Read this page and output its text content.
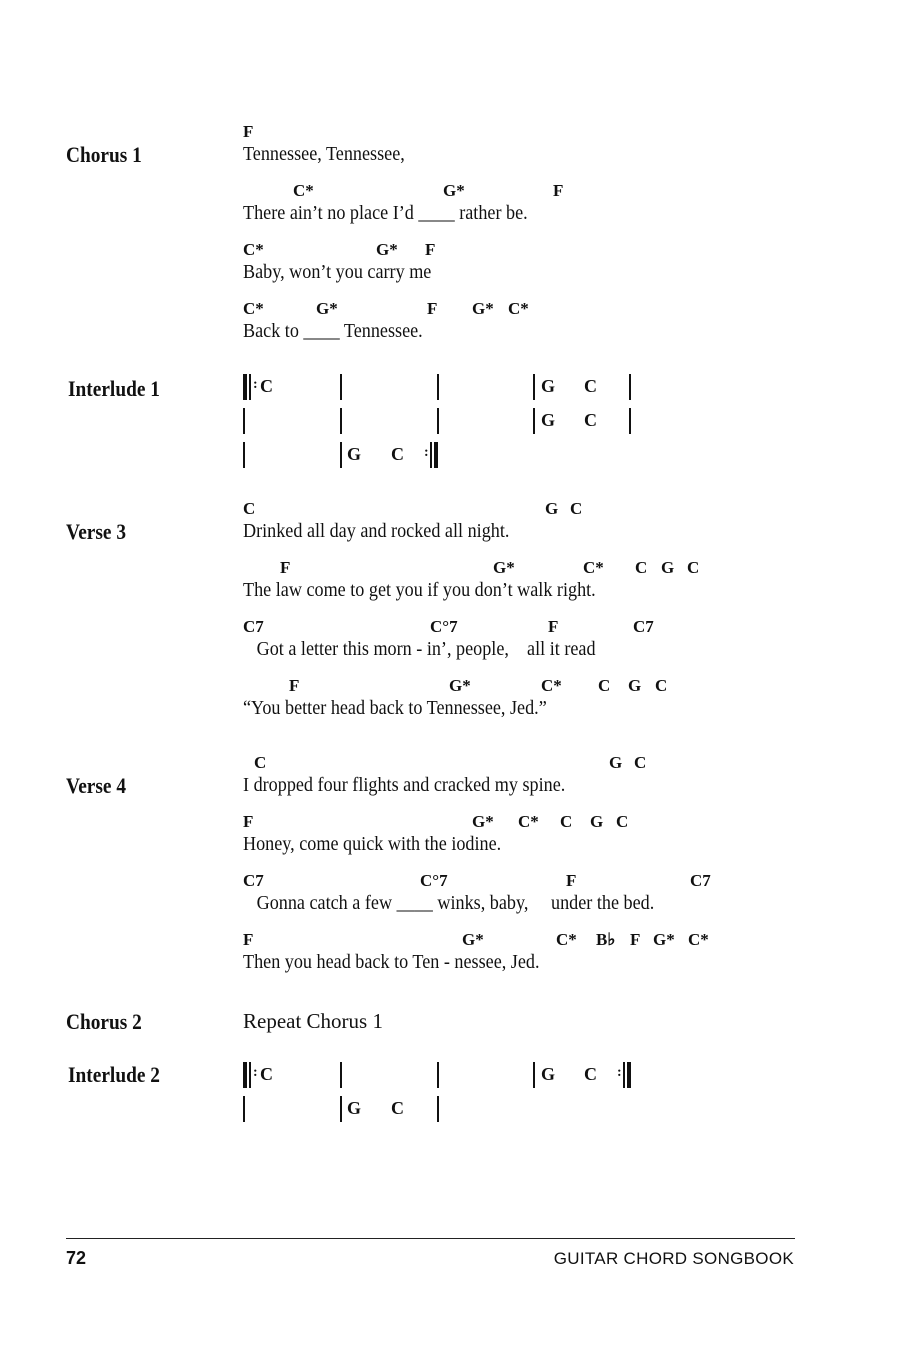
Chorus 1
F
Tennessee, Tennessee,
C*	G*	F
There ain’t no place I’d ____ rather be.
C*	G* F
Baby, won’t you carry me
C*	G*	F G* C*
Back to ____ Tennessee.
Interlude 1	: C	G C
G C
G C :
Verse 3
C	G C
Drinked all day and rocked all night.
F	G*	C* C G C
The law come to get you if you don’t walk right.
C7	C°7	F	C7
Got a letter this morn - in’, people,    all it read
F	G*	C* C G C
“You better head back to Tennessee, Jed.”
Verse 4
C	G C
I dropped four flights and cracked my spine.
F	G* C* C G C
Honey, come quick with the iodine.
C7	C°7	F	C7
Gonna catch a few ____ winks, baby,     under the bed.
F	G*	C* B♭ F G* C*
Then you head back to Ten - nessee, Jed.
Chorus 2	Repeat Chorus 1
Interlude 2	: C	G C :
G C
72	GUITAR CHORD SONGBOOK
